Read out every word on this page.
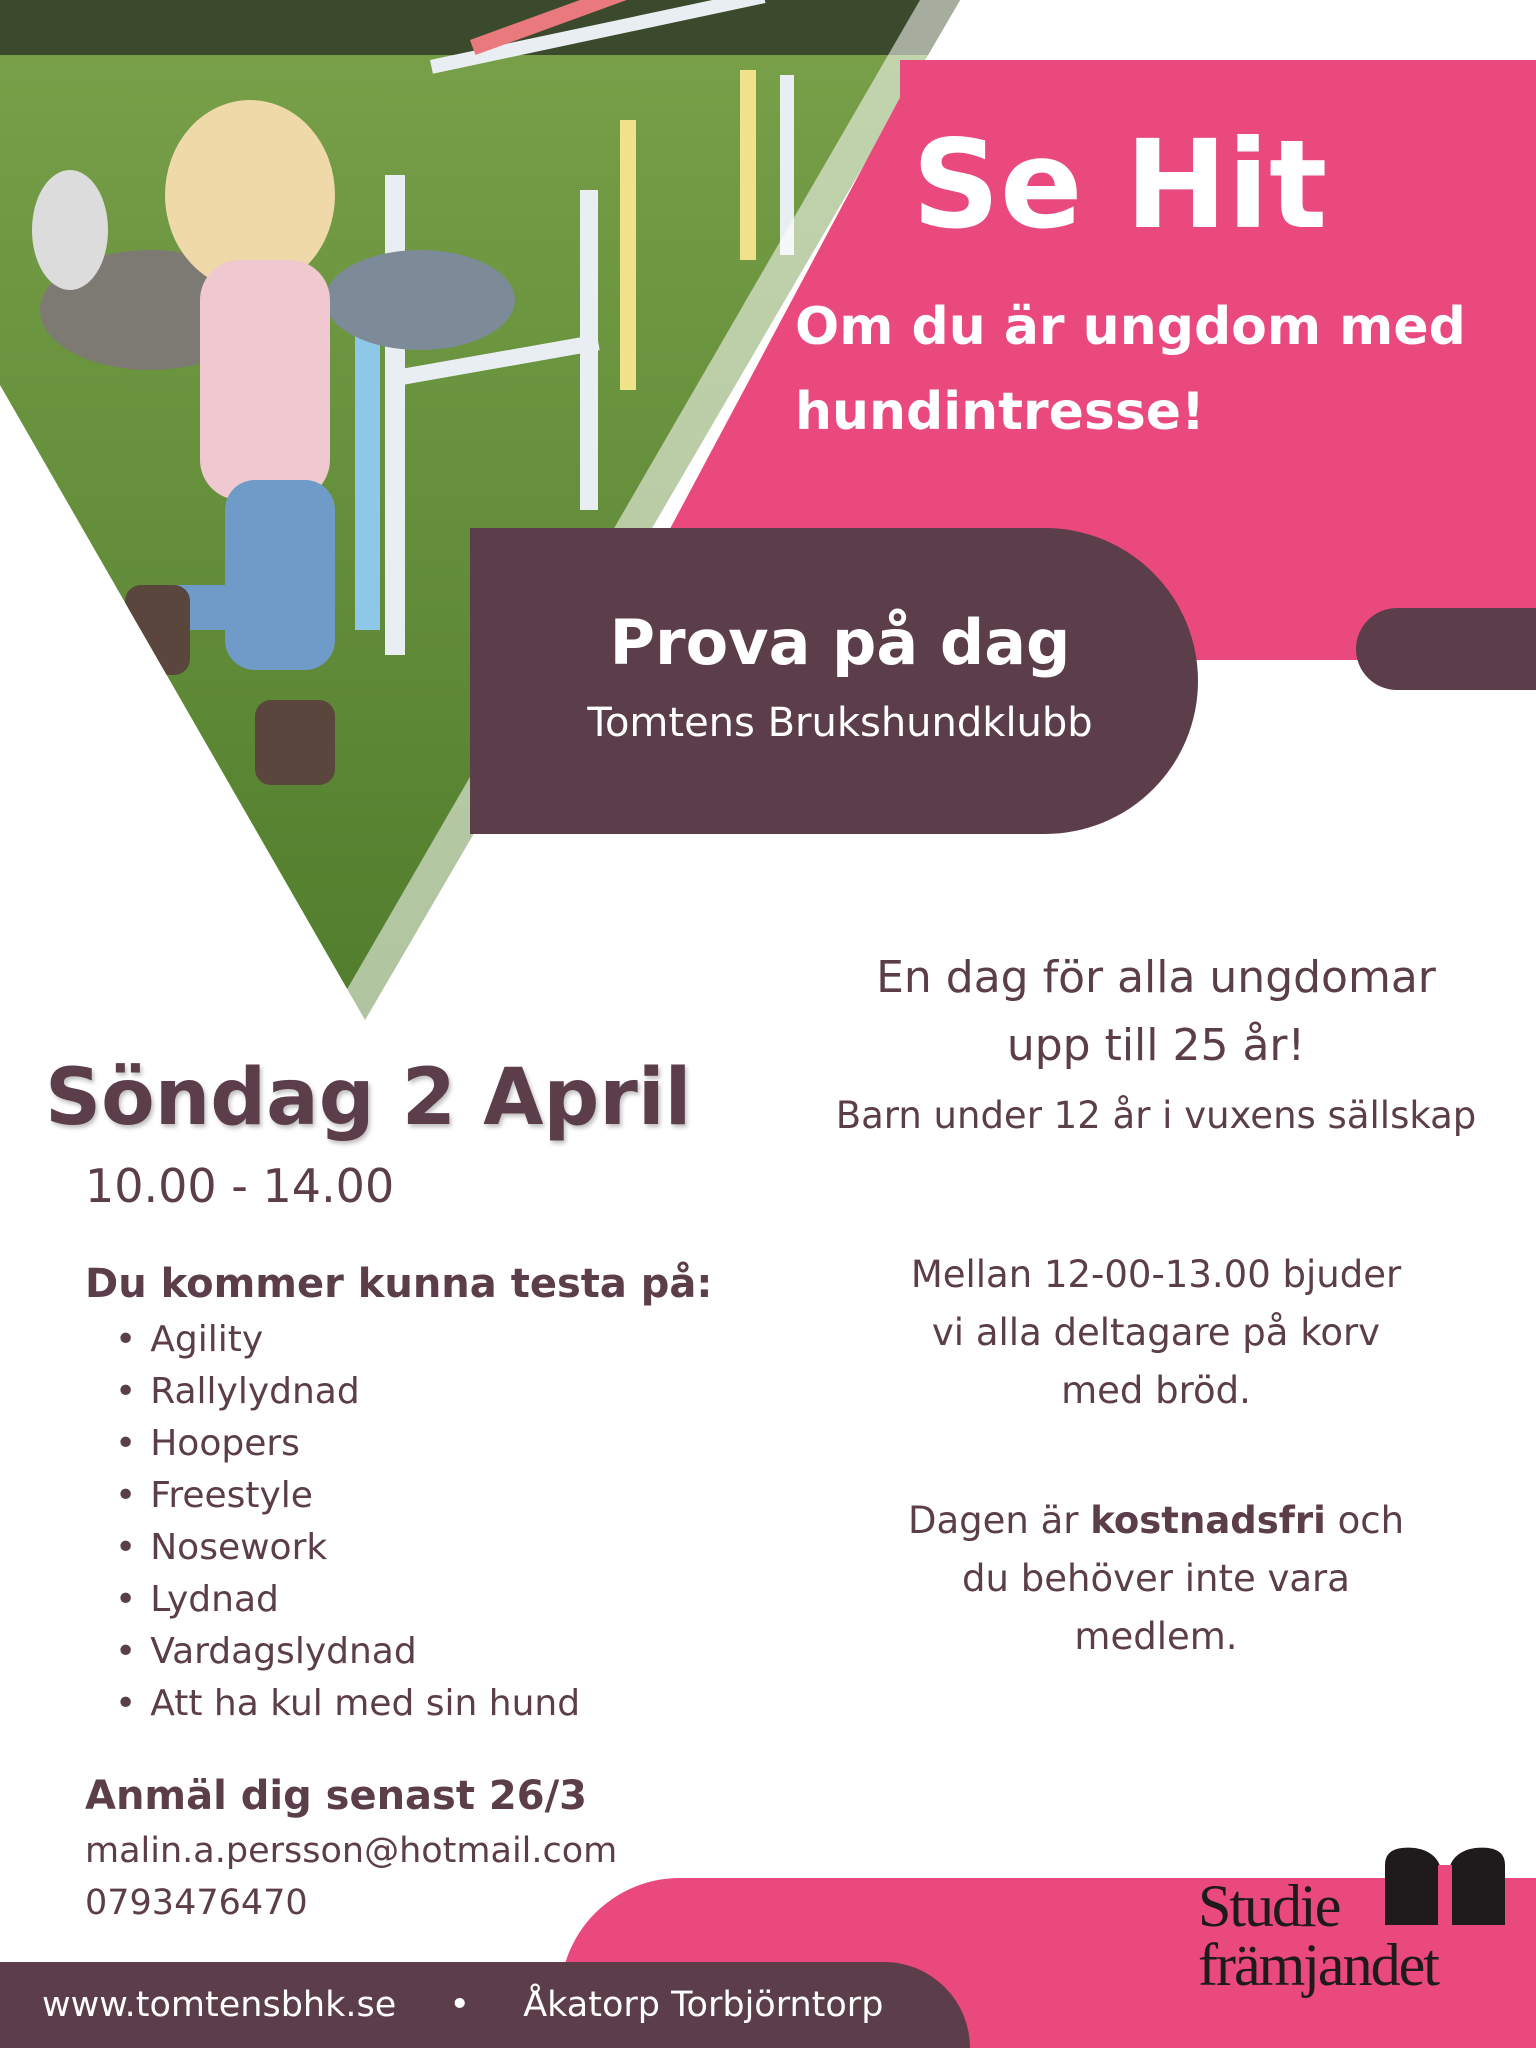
Se Hit
Om du är ungdom med
hundintresse!
Prova på dag
Tomtens Brukshundklubb
Söndag 2 April
10.00 - 14.00
Du kommer kunna testa på:
• Agility
• Rallylydnad
• Hoopers
• Freestyle
• Nosework
• Lydnad
• Vardagslydnad
• Att ha kul med sin hund
Anmäl dig senast 26/3
malin.a.persson@hotmail.com
0793476470
En dag för alla ungdomar
upp till 25 år!
Barn under 12 år i vuxens sällskap
Mellan 12-00-13.00 bjuder
vi alla deltagare på korv
med bröd.
Dagen är kostnadsfri och
du behöver inte vara
medlem.
www.tomtensbhk.se • Åkatorp Torbjörntorp
Studie
främjandet
